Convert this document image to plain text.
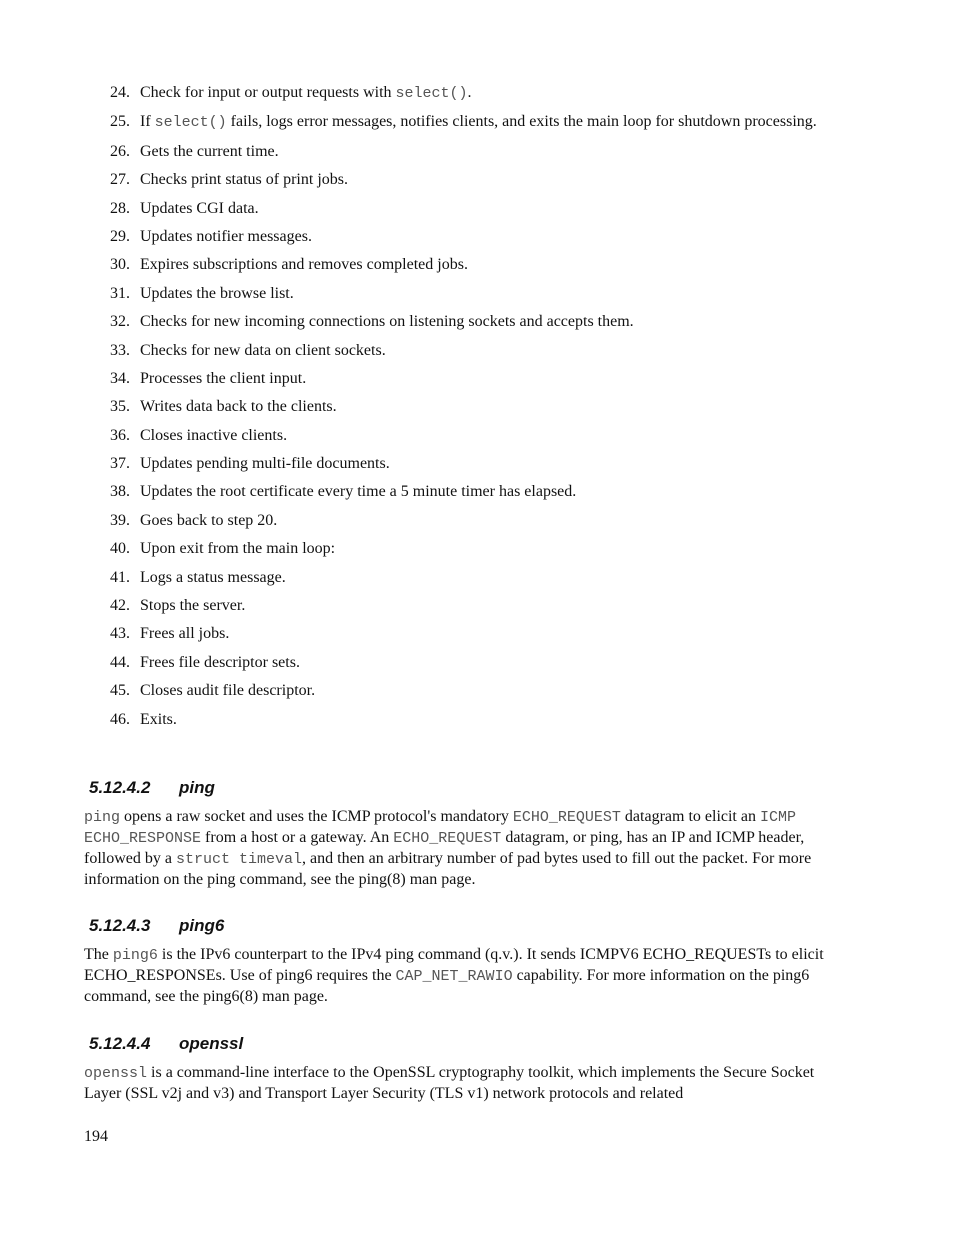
24. Check for input or output requests with select().
25. If select() fails, logs error messages, notifies clients, and exits the main loop for shutdown processing.
26. Gets the current time.
27. Checks print status of print jobs.
28. Updates CGI data.
29. Updates notifier messages.
30. Expires subscriptions and removes completed jobs.
31. Updates the browse list.
32. Checks for new incoming connections on listening sockets and accepts them.
33. Checks for new data on client sockets.
34. Processes the client input.
35. Writes data back to the clients.
36. Closes inactive clients.
37. Updates pending multi-file documents.
38. Updates the root certificate every time a 5 minute timer has elapsed.
39. Goes back to step 20.
40. Upon exit from the main loop:
41. Logs a status message.
42. Stops the server.
43. Frees all jobs.
44. Frees file descriptor sets.
45. Closes audit file descriptor.
46. Exits.
5.12.4.2 ping

ping opens a raw socket and uses the ICMP protocol's mandatory ECHO_REQUEST datagram to elicit an ICMP ECHO_RESPONSE from a host or a gateway. An ECHO_REQUEST datagram, or ping, has an IP and ICMP header, followed by a struct timeval, and then an arbitrary number of pad bytes used to fill out the packet. For more information on the ping command, see the ping(8) man page.

5.12.4.3 ping6

The ping6 is the IPv6 counterpart to the IPv4 ping command (q.v.). It sends ICMPV6 ECHO_REQUESTs to elicit ECHO_RESPONSEs. Use of ping6 requires the CAP_NET_RAWIO capability. For more information on the ping6 command, see the ping6(8) man page.

5.12.4.4 openssl

openssl is a command-line interface to the OpenSSL cryptography toolkit, which implements the Secure Socket Layer (SSL v2j and v3) and Transport Layer Security (TLS v1) network protocols and related

194
